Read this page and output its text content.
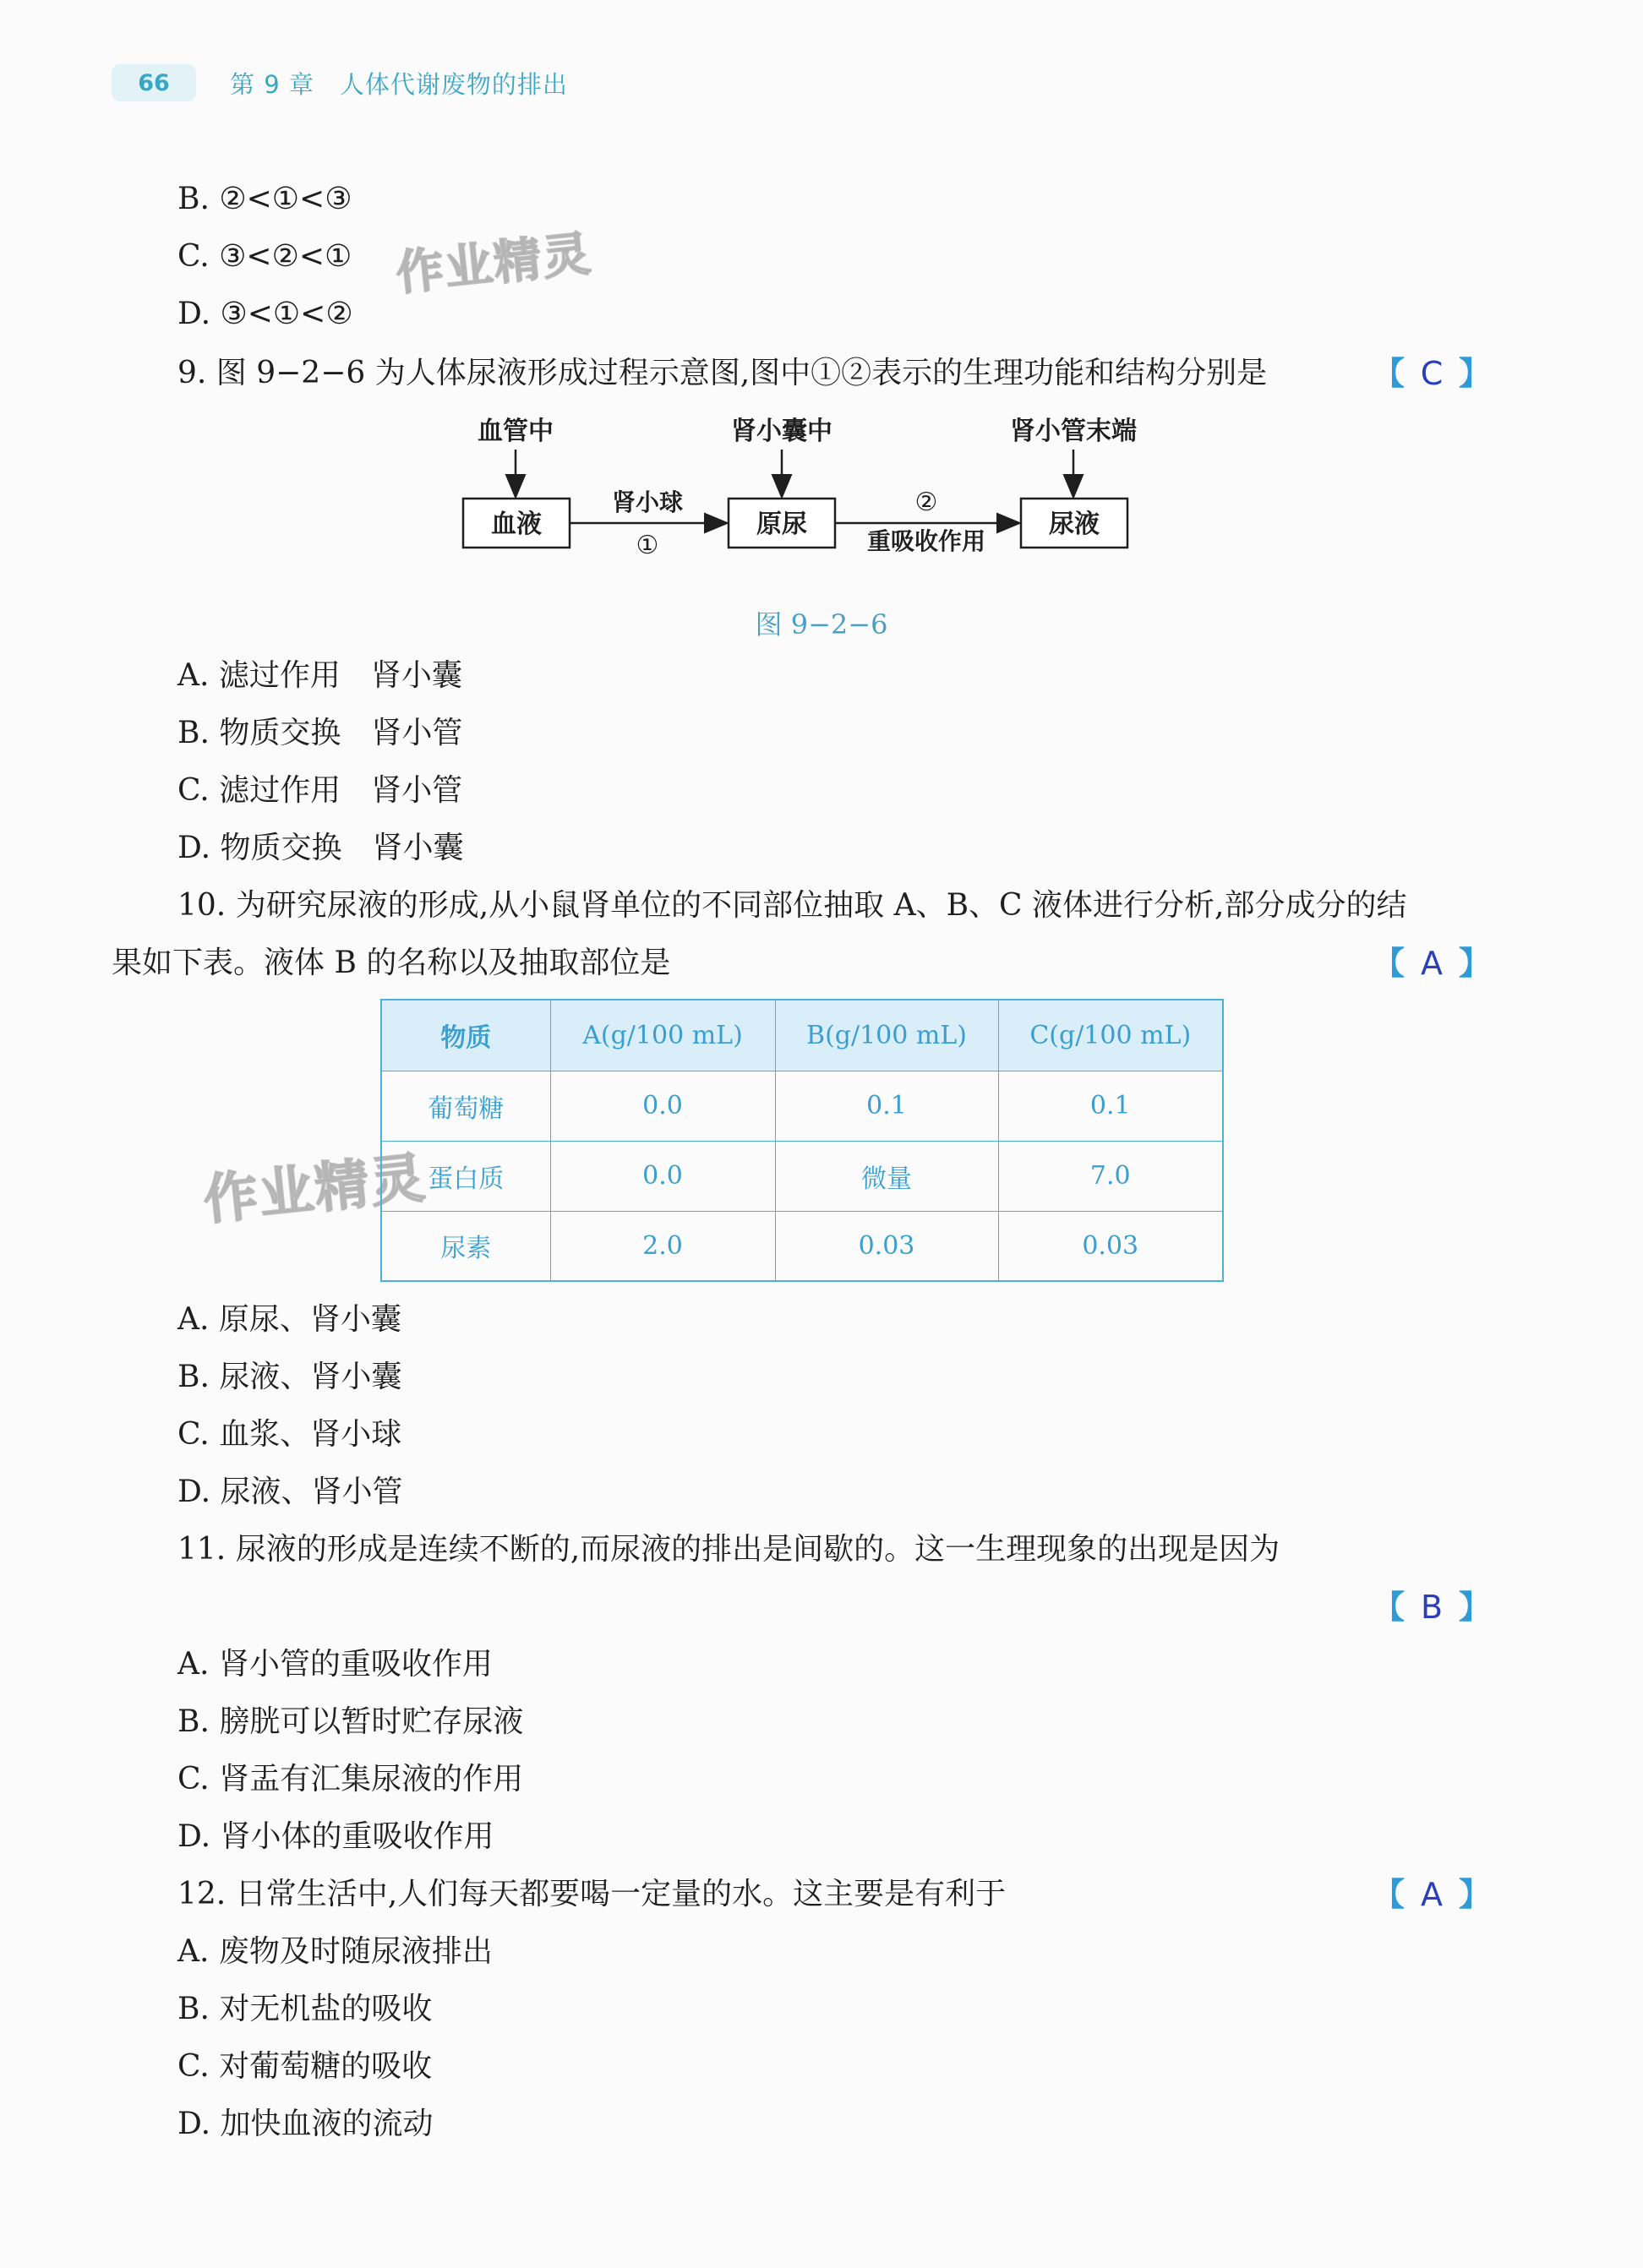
66	第 9 章　人体代谢废物的排出
作业精灵
作业精灵
B. ②<①<③
C. ③<②<①
D. ③<①<②
9. 图 9−2−6 为人体尿液形成过程示意图,图中①②表示的生理功能和结构分别是	【 C 】
血管中	肾小囊中	肾小管末端
血液	原尿	尿液
肾小球
重吸收作用
①
②
图 9−2−6
A. 滤过作用　肾小囊
B. 物质交换　肾小管
C. 滤过作用　肾小管
D. 物质交换　肾小囊
10. 为研究尿液的形成,从小鼠肾单位的不同部位抽取 A、B、C 液体进行分析,部分成分的结
果如下表。液体 B 的名称以及抽取部位是	【 A 】
物质	A(g/100 mL)	B(g/100 mL)	C(g/100 mL)
葡萄糖	0.0	0.1	0.1
蛋白质	0.0	微量	7.0
尿素	2.0	0.03	0.03
A. 原尿、肾小囊
B. 尿液、肾小囊
C. 血浆、肾小球
D. 尿液、肾小管
11. 尿液的形成是连续不断的,而尿液的排出是间歇的。这一生理现象的出现是因为
【 B 】
A. 肾小管的重吸收作用
B. 膀胱可以暂时贮存尿液
C. 肾盂有汇集尿液的作用
D. 肾小体的重吸收作用
12. 日常生活中,人们每天都要喝一定量的水。这主要是有利于	【 A 】
A. 废物及时随尿液排出
B. 对无机盐的吸收
C. 对葡萄糖的吸收
D. 加快血液的流动
